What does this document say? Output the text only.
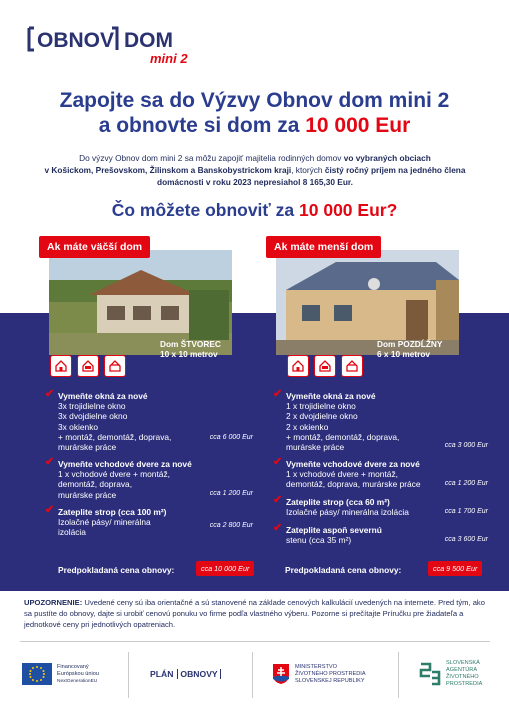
OBNOV DOM
mini 2
Zapojte sa do Výzvy Obnov dom mini 2
a obnovte si dom za 10 000 Eur
Do výzvy Obnov dom mini 2 sa môžu zapojiť majitelia rodinných domov vo vybraných obciach
v Košickom, Prešovskom, Žilinskom a Banskobystrickom kraji, ktorých čistý ročný príjem na jedného člena
domácnosti v roku 2023 nepresiahol 8 165,30 Eur.
Čo môžete obnoviť za 10 000 Eur?
Dom ŠTVOREC
10 x 10 metrov
Ak máte väčší dom
✔ Vymeňte okná za nové
3x trojidielne okno
3x dvojdielne okno
3x okienko
+ montáž, demontáž, doprava,
murárske práce
cca 6 000 Eur
✔ Vymeňte vchodové dvere za nové
1 x vchodové dvere + montáž,
demontáž, doprava,
murárske práce	cca 1 200 Eur
✔ Zateplite strop (cca 100 m²)
Izolačné pásy/ minerálna
izolácia
cca 2 800 Eur
Predpokladaná cena obnovy:	cca 10 000 Eur
Dom POZDĹŽNY
6 x 10 metrov
Ak máte menší dom
✔ Vymeňte okná za nové
1 x trojidielne okno
2 x dvojdielne okno
2 x okienko
+ montáž, demontáž, doprava,
murárske práce	cca 3 000 Eur
✔ Vymeňte vchodové dvere za nové
1 x vchodové dvere + montáž,
demontáž, doprava, murárske práce	cca 1 200 Eur
✔ Zateplite strop (cca 60 m²)
Izolačné pásy/ minerálna izolácia	cca 1 700 Eur
✔ Zateplite aspoň severnú
stenu (cca 35 m²)	cca 3 600 Eur
Predpokladaná cena obnovy:	cca 9 500 Eur
UPOZORNENIE: Uvedené ceny sú iba orientačné a sú stanovené na základe cenových kalkulácií uvedených na internete. Pred tým, ako sa pustíte do obnovy, dajte si urobiť cenovú ponuku vo firme podľa vlastného výberu. Pozorne si prečítajte Príručku pre žiadateľa a jednotkové ceny pri jednotlivých opatreniach.
Financovaný
Európskou úniou
NextGenerationEU
PLÁN OBNOVY
MINISTERSTVO
ŽIVOTNÉHO PROSTREDIA
SLOVENSKEJ REPUBLIKY
SLOVENSKÁ
AGENTÚRA
ŽIVOTNÉHO
PROSTREDIA
